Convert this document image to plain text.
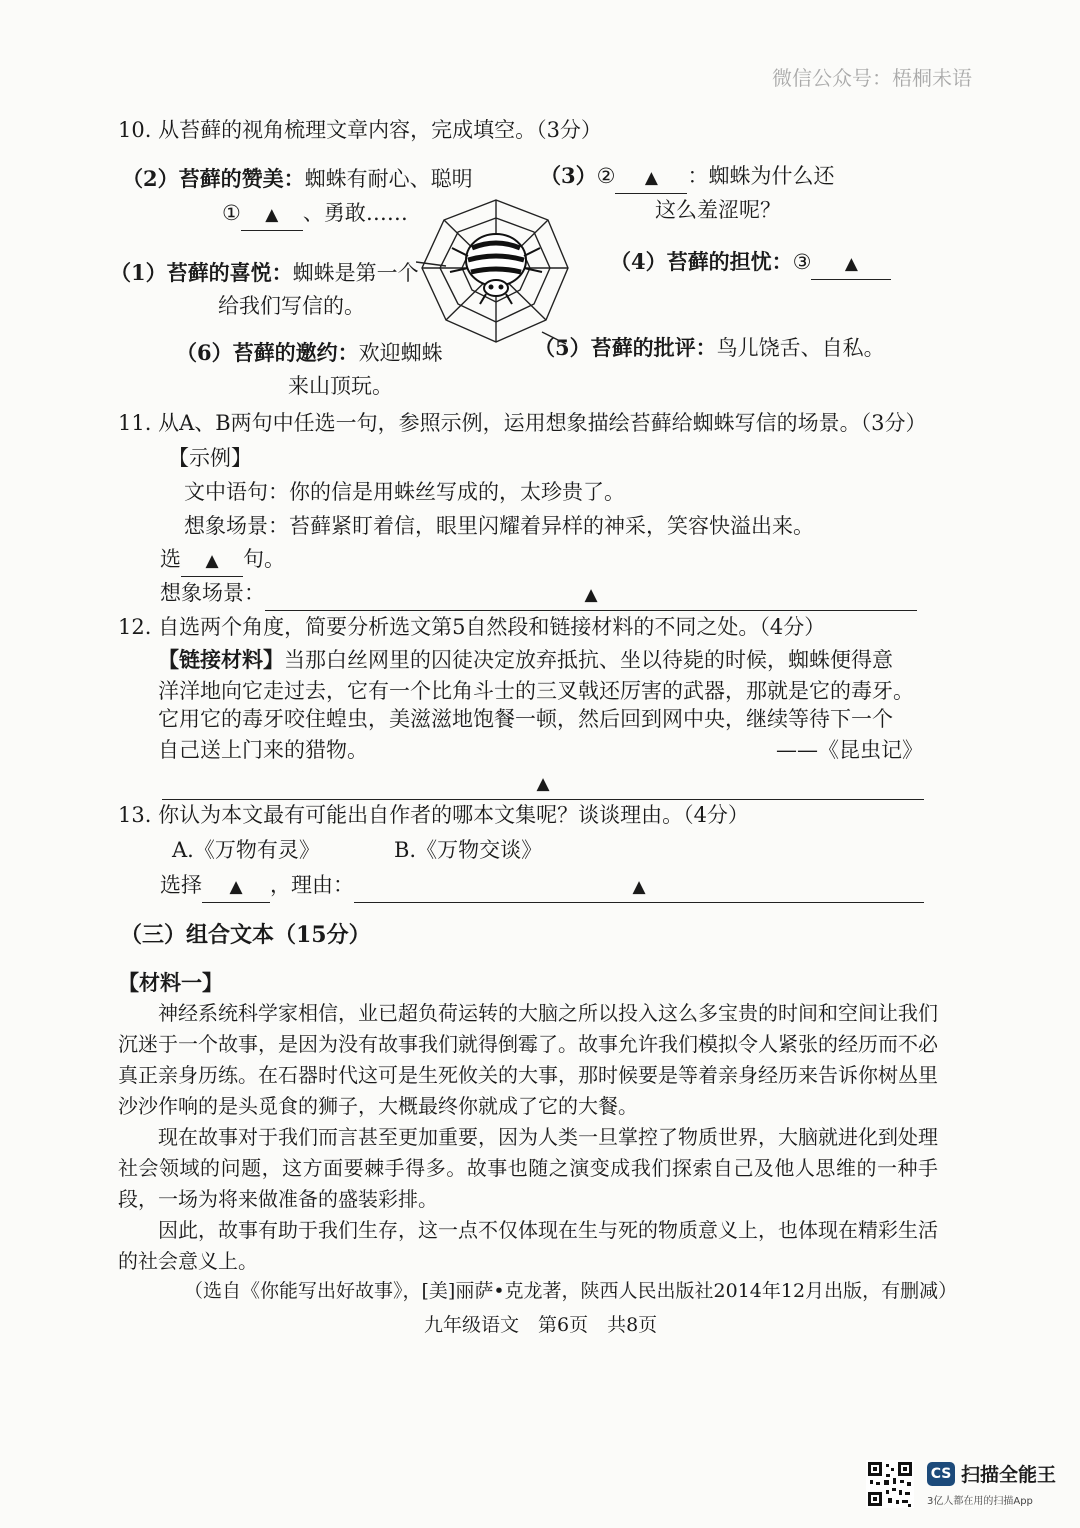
微信公众号：梧桐未语
10. 从苔藓的视角梳理文章内容，完成填空。（3分）
（2）苔藓的赞美：蜘蛛有耐心、聪明
① ▲ 、勇敢……
（3）② ▲ ：蜘蛛为什么还
这么羞涩呢？
（1）苔藓的喜悦：蜘蛛是第一个
给我们写信的。
（4）苔藓的担忧：③ ▲
（6）苔藓的邀约：欢迎蜘蛛
来山顶玩。
（5）苔藓的批评：鸟儿饶舌、自私。
11. 从A、B两句中任选一句，参照示例，运用想象描绘苔藓给蜘蛛写信的场景。（3分）
【示例】
文中语句：你的信是用蛛丝写成的，太珍贵了。
想象场景：苔藓紧盯着信，眼里闪耀着异样的神采，笑容快溢出来。
选 ▲ 句。
想象场景：	▲
12. 自选两个角度，简要分析选文第5自然段和链接材料的不同之处。（4分）
【链接材料】当那白丝网里的囚徒决定放弃抵抗、坐以待毙的时候，蜘蛛便得意
洋洋地向它走过去，它有一个比角斗士的三叉戟还厉害的武器，那就是它的毒牙。
它用它的毒牙咬住蝗虫，美滋滋地饱餐一顿，然后回到网中央，继续等待下一个
自己送上门来的猎物。	——《昆虫记》
▲
13. 你认为本文最有可能出自作者的哪本文集呢？谈谈理由。（4分）
A.《万物有灵》	B.《万物交谈》
选择 ▲ ，理由：	▲
（三）组合文本（15分）
【材料一】

神经系统科学家相信，业已超负荷运转的大脑之所以投入这么多宝贵的时间和空间让我们沉迷于一个故事，是因为没有故事我们就得倒霉了。故事允许我们模拟令人紧张的经历而不必真正亲身历练。在石器时代这可是生死攸关的大事，那时候要是等着亲身经历来告诉你树丛里沙沙作响的是头觅食的狮子，大概最终你就成了它的大餐。

现在故事对于我们而言甚至更加重要，因为人类一旦掌控了物质世界，大脑就进化到处理社会领域的问题，这方面要棘手得多。故事也随之演变成我们探索自己及他人思维的一种手段，一场为将来做准备的盛装彩排。

因此，故事有助于我们生存，这一点不仅体现在生与死的物质意义上，也体现在精彩生活的社会意义上。

（选自《你能写出好故事》，[美]丽萨•克龙著，陕西人民出版社2014年12月出版，有删减）
九年级语文　第6页　共8页
CS 扫描全能王
3亿人都在用的扫描App
